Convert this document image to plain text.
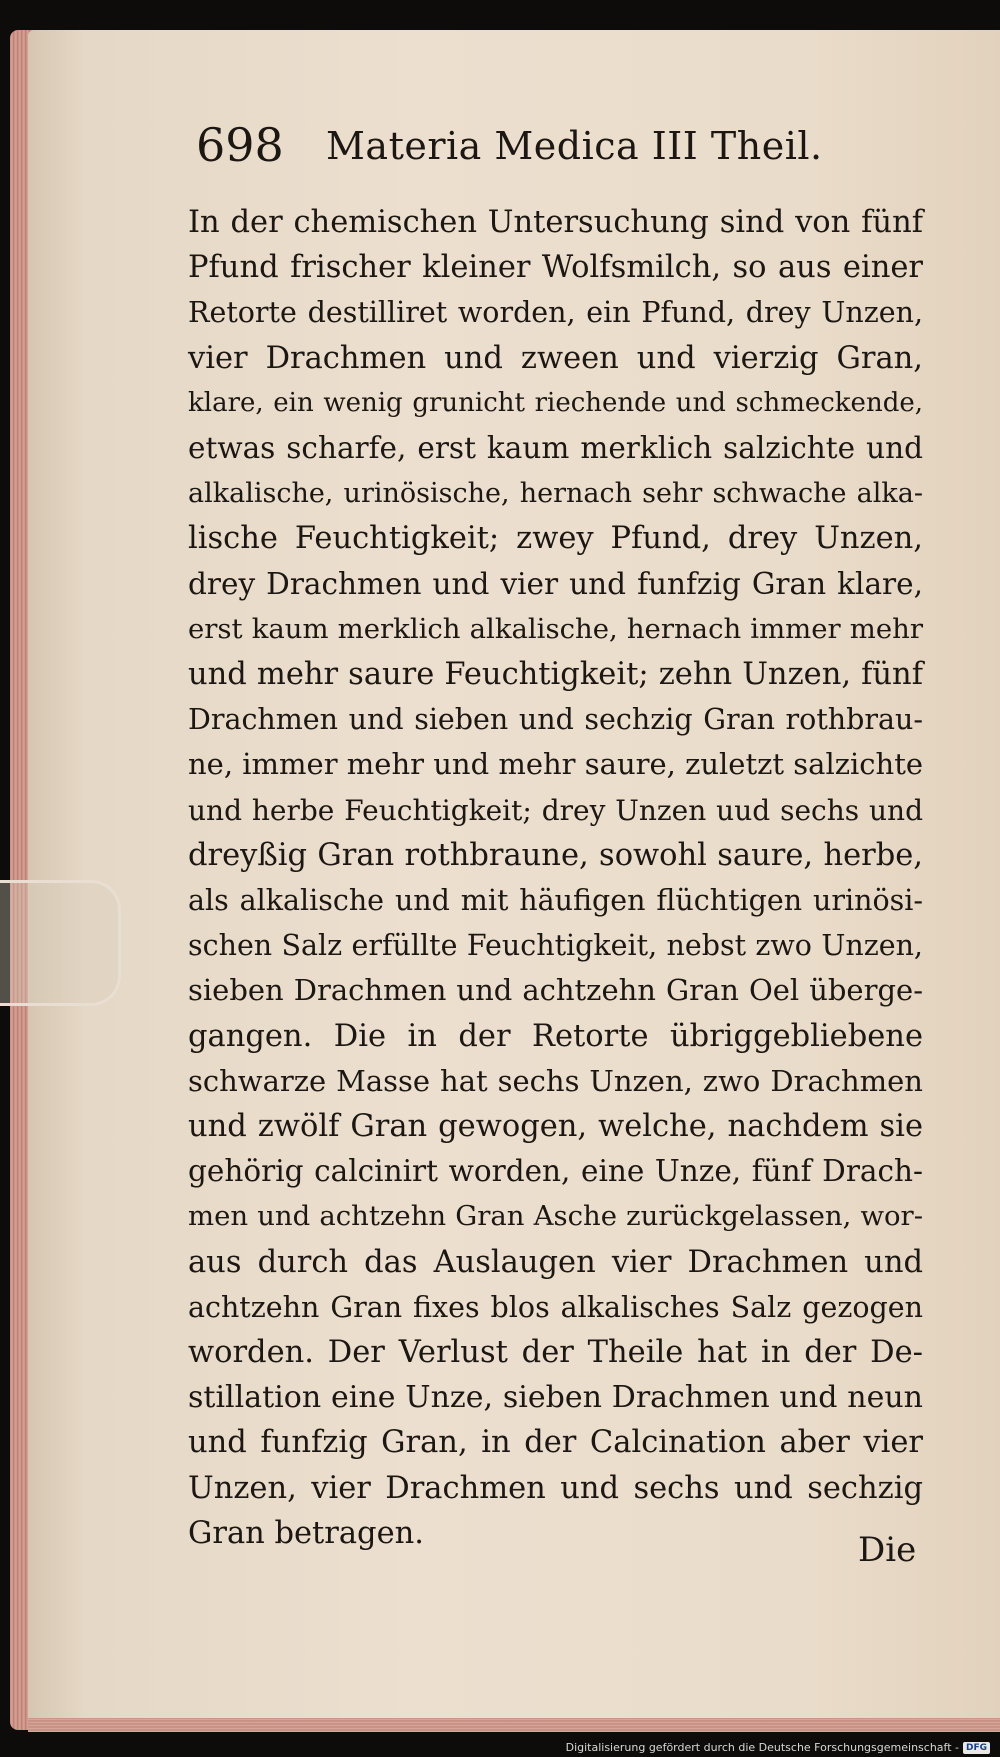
698 Materia Medica III Theil.
In der chemischen Untersuchung sind von fünf
Pfund frischer kleiner Wolfsmilch, so aus einer
Retorte destilliret worden, ein Pfund, drey Unzen,
vier Drachmen und zween und vierzig Gran,
klare, ein wenig grunicht riechende und schmeckende,
etwas scharfe, erst kaum merklich salzichte und
alkalische, urinösische, hernach sehr schwache alka-
lische Feuchtigkeit; zwey Pfund, drey Unzen,
drey Drachmen und vier und funfzig Gran klare,
erst kaum merklich alkalische, hernach immer mehr
und mehr saure Feuchtigkeit; zehn Unzen, fünf
Drachmen und sieben und sechzig Gran rothbrau-
ne, immer mehr und mehr saure, zuletzt salzichte
und herbe Feuchtigkeit; drey Unzen uud sechs und
dreyßig Gran rothbraune, sowohl saure, herbe,
als alkalische und mit häufigen flüchtigen urinösi-
schen Salz erfüllte Feuchtigkeit, nebst zwo Unzen,
sieben Drachmen und achtzehn Gran Oel überge-
gangen. Die in der Retorte übriggebliebene
schwarze Masse hat sechs Unzen, zwo Drachmen
und zwölf Gran gewogen, welche, nachdem sie
gehörig calcinirt worden, eine Unze, fünf Drach-
men und achtzehn Gran Asche zurückgelassen, wor-
aus durch das Auslaugen vier Drachmen und
achtzehn Gran fixes blos alkalisches Salz gezogen
worden. Der Verlust der Theile hat in der De-
stillation eine Unze, sieben Drachmen und neun
und funfzig Gran, in der Calcination aber vier
Unzen, vier Drachmen und sechs und sechzig
Gran betragen.	Die
Digitalisierung gefördert durch die Deutsche Forschungsgemeinschaft - DFG
